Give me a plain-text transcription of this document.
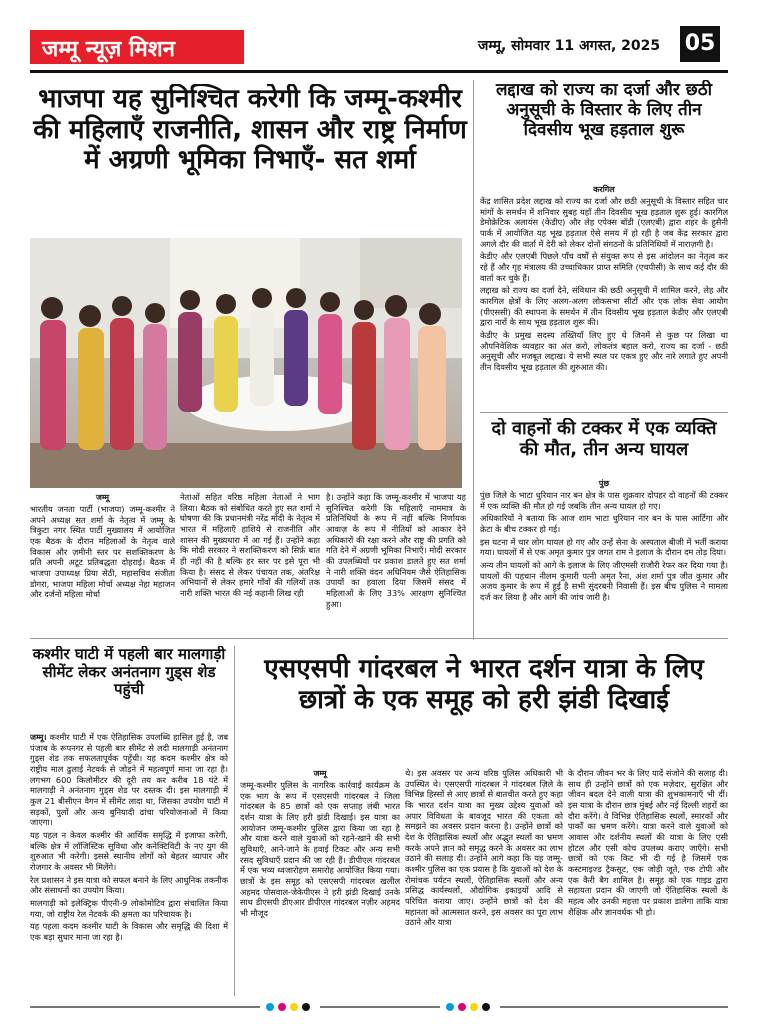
जम्मू न्यूज़ मिशन	जम्मू, सोमवार 11 अगस्त, 2025 05
भाजपा यह सुनिश्चित करेगी कि जम्मू-कश्मीर की महिलाएँ राजनीति, शासन और राष्ट्र निर्माण में अग्रणी भूमिका निभाएँ- सत शर्मा
जम्मू
भारतीय जनता पार्टी (भाजपा) जम्मू-कश्मीर ने अपने अध्यक्ष सत शर्मा के नेतृत्व में जम्मू के त्रिकुटा नगर स्थित पार्टी मुख्यालय में आयोजित एक बैठक के दौरान महिलाओं के नेतृत्व वाले विकास और ज़मीनी स्तर पर सशक्तिकरण के प्रति अपनी अटूट प्रतिबद्धता दोहराई। बैठक में भाजपा उपाध्यक्ष प्रिया सेठी, महासचिव संजीता डोगरा, भाजपा महिला मोर्चा अध्यक्ष नेहा महाजन और दर्जनों महिला मोर्चा
नेताओं सहित वरिष्ठ महिला नेताओं ने भाग लिया। बैठक को संबोधित करते हुए सत शर्मा ने घोषणा की कि प्रधानमंत्री नरेंद्र मोदी के नेतृत्व में भारत में महिलाएँ हाशिये से राजनीति और शासन की मुख्यधारा में आ गई हैं। उन्होंने कहा कि मोदी सरकार ने सशक्तिकरण को सिर्फ़ बात ही नहीं की है बल्कि हर स्तर पर इसे पूरा भी किया है। संसद से लेकर पंचायत तक, अंतरिक्ष अभियानों से लेकर हमारे गाँवों की गलियों तक नारी शक्ति भारत की नई कहानी लिख रही
है। उन्होंने कहा कि जम्मू-कश्मीर में भाजपा यह सुनिश्चित करेगी कि महिलाएँ नाममात्र के प्रतिनिधियों के रूप में नहीं बल्कि निर्णायक आवाज़ के रूप में नीतियों को आकार देने अधिकारों की रक्षा करने और राष्ट्र की प्रगति को गति देने में अग्रणी भूमिका निभाएँ। मोदी सरकार की उपलब्धियों पर प्रकाश डालते हुए सत शर्मा ने नारी शक्ति वंदन अधिनियम जैसे ऐतिहासिक उपायों का हवाला दिया जिसमें संसद में महिलाओं के लिए 33% आरक्षण सुनिश्चित हुआ।
लद्दाख को राज्य का दर्जा और छठी अनुसूची के विस्तार के लिए तीन दिवसीय भूख हड़ताल शुरू
करगिल

केंद्र शासित प्रदेश लद्दाख को राज्य का दर्जा और छठी अनुसूची के विस्तार सहित चार मांगों के समर्थन में शनिवार सुबह यहाँ तीन दिवसीय भूख हड़ताल शुरू हुई। कारगिल डेमोक्रेटिक अलायंस (केडीए) और लेह एपेक्स बॉडी (एलएबी) द्वारा शहर के हुसैनी पार्क में आयोजित यह भूख हड़ताल ऐसे समय में हो रही है जब केंद्र सरकार द्वारा अगले दौर की वार्ता में देरी को लेकर दोनों संगठनों के प्रतिनिधियों में नाराज़गी है।

केडीए और एलएबी पिछले पाँच वर्षों से संयुक्त रूप से इस आंदोलन का नेतृत्व कर रहे हैं और गृह मंत्रालय की उच्चाधिकार प्राप्त समिति (एचपीसी) के साथ कई दौर की वार्ता कर चुके हैं।

लद्दाख को राज्य का दर्जा देने, संविधान की छठी अनुसूची में शामिल करने, लेह और कारगिल क्षेत्रों के लिए अलग-अलग लोकसभा सीटों और एक लोक सेवा आयोग (पीएससी) की स्थापना के समर्थन में तीन दिवसीय भूख हड़ताल केडीए और एलएबी द्वारा नारों के साथ भूख हड़ताल शुरू की।

केडीए के प्रमुख सदस्य तख्तियाँ लिए हुए थे जिनमें से कुछ पर लिखा था औपनिवेशिक व्यवहार का अंत करो, लोकतंत्र बहाल करो, राज्य का दर्जा - छठी अनुसूची और मजबूत लद्दाख। ये सभी स्थल पर एकत्र हुए और नारे लगाते हुए अपनी तीन दिवसीय भूख हड़ताल की शुरुआत की।

दो वाहनों की टक्कर में एक व्यक्ति की मौत, तीन अन्य घायल
पुंछ

पुंछ जिले के भाटा धुरियान नार बन क्षेत्र के पास शुक्रवार दोपहर दो वाहनों की टक्कर में एक व्यक्ति की मौत हो गई जबकि तीन अन्य घायल हो गए।

अधिकारियों ने बताया कि आज शाम भाटा धुरियान नार बन के पास आर्टिगा और क्रेटा के बीच टक्कर हो गई।

इस घटना में चार लोग घायल हो गए और उन्हें सेना के अस्पताल बीजी में भर्ती कराया गया। घायलों में से एक अमृत कुमार पुत्र जगत राम ने इलाज के दौरान दम तोड़ दिया।

अन्य तीन घायलों को आगे के इलाज के लिए जीएमसी राजौरी रेफर कर दिया गया है। घायलों की पहचान नीलम कुमारी पत्नी अमृत रैना, अंश शर्मा पुत्र जीत कुमार और अजय कुमार के रूप में हुई है सभी सुंदरबनी निवासी हैं। इस बीच पुलिस ने मामला दर्ज कर लिया है और आगे की जांच जारी है।

कश्मीर घाटी में पहली बार मालगाड़ी सीमेंट लेकर अनंतनाग गुड्स शेड पहुंची

जम्मू। कश्मीर घाटी में एक ऐतिहासिक उपलब्धि हासिल हुई है, जब पंजाब के रूपनगर से पहली बार सीमेंट से लदी मालगाड़ी अनंतनाग गुड्स शेड तक सफलतापूर्वक पहुँची। यह कदम कश्मीर क्षेत्र को राष्ट्रीय माल ढुलाई नेटवर्क से जोड़ने में महत्वपूर्ण माना जा रहा है। लगभग 600 किलोमीटर की दूरी तय कर करीब 18 घंटे में मालगाड़ी ने अनंतनाग गुड्स शेड पर दस्तक दी। इस मालगाड़ी में कुल 21 बीसीएन वैगन में सीमेंट लादा था, जिसका उपयोग घाटी में सड़कों, पुलों और अन्य बुनियादी ढांचा परियोजनाओं में किया जाएगा।

यह पहल न केवल कश्मीर की आर्थिक समृद्धि में इजाफा करेगी, बल्कि क्षेत्र में लॉजिस्टिक सुविधा और कनेक्टिविटी के नए युग की शुरुआत भी करेगी। इससे स्थानीय लोगों को बेहतर व्यापार और रोजगार के अवसर भी मिलेंगे।

रेल प्रशासन ने इस यात्रा को सफल बनाने के लिए आधुनिक तकनीक और संसाधनों का उपयोग किया।

मालगाड़ी को इलेक्ट्रिक पीएनी-9 लोकोमोटिव द्वारा संचालित किया गया, जो राष्ट्रीय रेल नेटवर्क की क्षमता का परिचायक है।

यह पहला कदम कश्मीर घाटी के विकास और समृद्धि की दिशा में एक बड़ा सुधार माना जा रहा है।

एसएसपी गांदरबल ने भारत दर्शन यात्रा के लिए छात्रों के एक समूह को हरी झंडी दिखाई
जम्मू
जम्मू-कश्मीर पुलिस के नागरिक कार्रवाई कार्यक्रम के एक भाग के रूप में एसएसपी गांदरबल ने जिला गांदरबल के 85 छात्रों को एक सप्ताह लंबी भारत दर्शन यात्रा के लिए हरी झंडी दिखाई। इस यात्रा का आयोजन जम्मू-कश्मीर पुलिस द्वारा किया जा रहा है और यात्रा करने वाले युवाओं को रहने-खाने की सभी सुविधाएँ, आने-जाने के हवाई टिकट और अन्य सभी रसद सुविधाएँ प्रदान की जा रही हैं। डीपीएल गांदरबल में एक भव्य ध्वजारोहण समारोह आयोजित किया गया। छात्रों के इस समूह को एसएसपी गांदरबल खलील अहमद पोसवाल-जेकेपीएस ने हरी झंडी दिखाई उनके साथ डीएसपी डीएआर डीपीएल गांदरबल नज़ीर अहमद भी मौजूद
थे। इस अवसर पर अन्य वरिष्ठ पुलिस अधिकारी भी उपस्थित थे। एसएसपी गांदरबल ने गांदरबल ज़िले के विभिन्न हिस्सों से आए छात्रों से बातचीत करते हुए कहा कि भारत दर्शन यात्रा का मुख्य उद्देश्य युवाओं को अपार विविधता के बावजूद भारत की एकता को समझने का अवसर प्रदान करना है। उन्होंने छात्रों को देश के ऐतिहासिक स्थलों और अद्भुत स्थलों का भ्रमण करके अपने ज्ञान को समृद्ध करने के अवसर का लाभ उठाने की सलाह दी। उन्होंने आगे कहा कि यह जम्मू-कश्मीर पुलिस का एक प्रयास है कि युवाओं को देश के रोमांचक पर्यटन स्थलों, ऐतिहासिक स्थलों और अन्य प्रसिद्ध कार्यस्थलों, औद्योगिक इकाइयों आदि से परिचित कराया जाए। उन्होंने छात्रों को देश की महानता को आत्मसात करने, इस अवसर का पूरा लाभ उठाने और यात्रा
के दौरान जीवन भर के लिए यादें संजोने की सलाह दी। साथ ही उन्होंने छात्रों को एक मज़ेदार, सुरक्षित और जीवन बदल देने वाली यात्रा की शुभकामनाएँ भी दीं। इस यात्रा के दौरान छात्र मुंबई और नई दिल्ली शहरों का दौरा करेंगे। वे विभिन्न ऐतिहासिक स्थलों, स्मारकों और पार्कों का भ्रमण करेंगे। यात्रा करने वाले युवाओं को आवास और दर्शनीय स्थलों की यात्रा के लिए एसी होटल और एसी कोच उपलब्ध कराए जाएँगे। सभी छात्रों को एक किट भी दी गई है जिसमें एक कस्टमाइज्ड ट्रैकसूट, एक जोड़ी जूते, एक टोपी और एक कैरी बैग शामिल है। समूह को एक गाइड द्वारा सहायता प्रदान की जाएगी जो ऐतिहासिक स्थलों के महत्व और उनकी महत्ता पर प्रकाश डालेगा ताकि यात्रा शैक्षिक और ज्ञानवर्धक भी हो।
